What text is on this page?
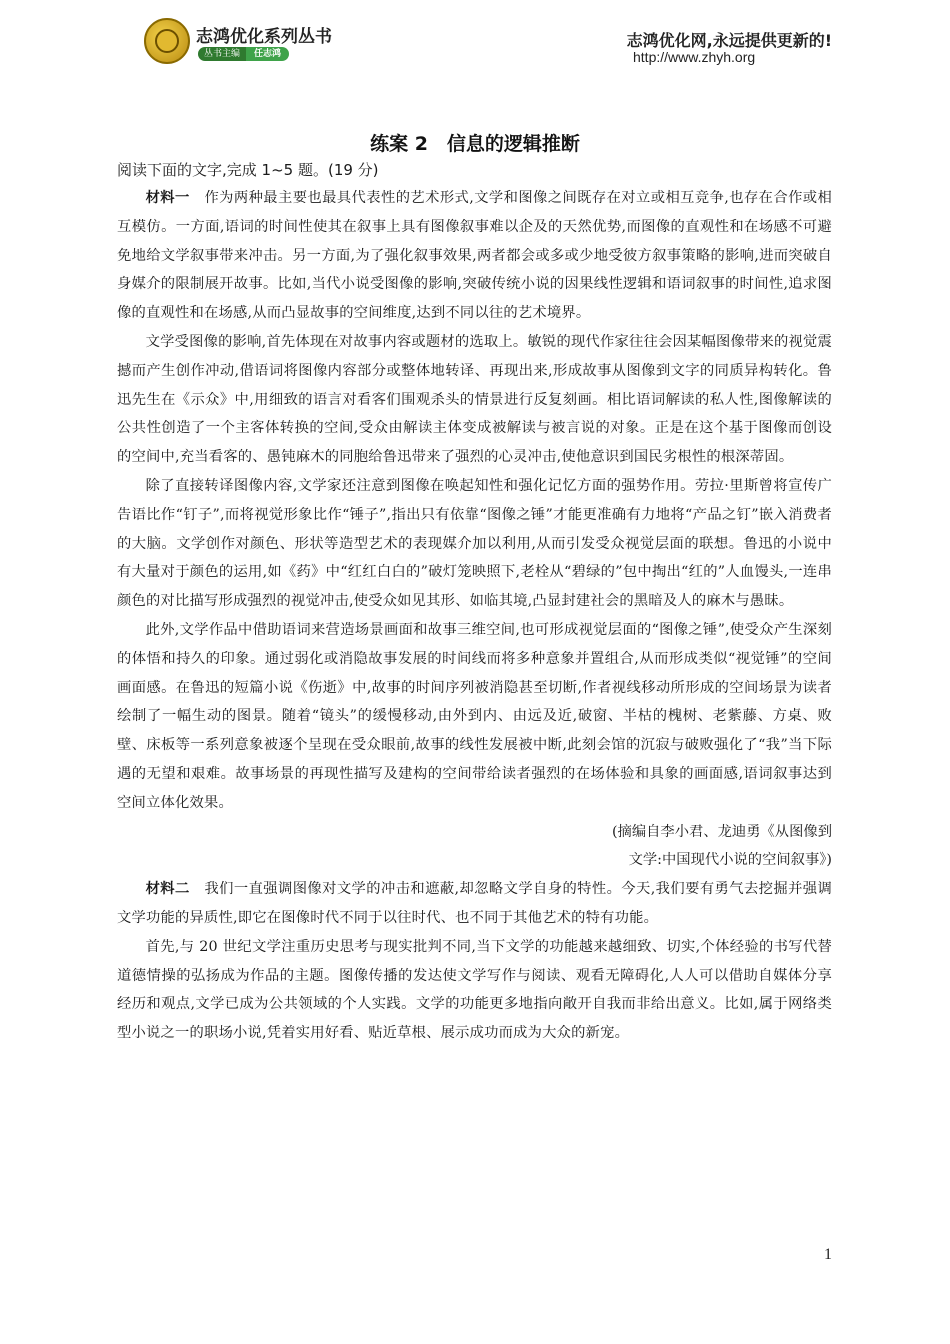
志鸿优化系列丛书
丛书主编	任志鸿
志鸿优化网,永远提供更新的!
http://www.zhyh.org
练案 2　信息的逻辑推断

阅读下面的文字,完成 1~5 题。(19 分)

材料一　 作为两种最主要也最具代表性的艺术形式,文学和图像之间既存在对立或相互竞争,也存在合作或相互模仿。一方面,语词的时间性使其在叙事上具有图像叙事难以企及的天然优势,而图像的直观性和在场感不可避免地给文学叙事带来冲击。另一方面,为了强化叙事效果,两者都会或多或少地受彼方叙事策略的影响,进而突破自身媒介的限制展开故事。比如,当代小说受图像的影响,突破传统小说的因果线性逻辑和语词叙事的时间性,追求图像的直观性和在场感,从而凸显故事的空间维度,达到不同以往的艺术境界。

文学受图像的影响,首先体现在对故事内容或题材的选取上。敏锐的现代作家往往会因某幅图像带来的视觉震撼而产生创作冲动,借语词将图像内容部分或整体地转译、再现出来,形成故事从图像到文字的同质异构转化。鲁迅先生在《示众》中,用细致的语言对看客们围观杀头的情景进行反复刻画。相比语词解读的私人性,图像解读的公共性创造了一个主客体转换的空间,受众由解读主体变成被解读与被言说的对象。正是在这个基于图像而创设的空间中,充当看客的、愚钝麻木的同胞给鲁迅带来了强烈的心灵冲击,使他意识到国民劣根性的根深蒂固。

除了直接转译图像内容,文学家还注意到图像在唤起知性和强化记忆方面的强势作用。劳拉·里斯曾将宣传广告语比作“钉子”,而将视觉形象比作“锤子”,指出只有依靠“图像之锤”才能更准确有力地将“产品之钉”嵌入消费者的大脑。文学创作对颜色、形状等造型艺术的表现媒介加以利用,从而引发受众视觉层面的联想。鲁迅的小说中有大量对于颜色的运用,如《药》中“红红白白的”破灯笼映照下,老栓从“碧绿的”包中掏出“红的”人血馒头,一连串颜色的对比描写形成强烈的视觉冲击,使受众如见其形、如临其境,凸显封建社会的黑暗及人的麻木与愚昧。

此外,文学作品中借助语词来营造场景画面和故事三维空间,也可形成视觉层面的“图像之锤”,使受众产生深刻的体悟和持久的印象。通过弱化或消隐故事发展的时间线而将多种意象并置组合,从而形成类似“视觉锤”的空间画面感。在鲁迅的短篇小说《伤逝》中,故事的时间序列被消隐甚至切断,作者视线移动所形成的空间场景为读者绘制了一幅生动的图景。随着“镜头”的缓慢移动,由外到内、由远及近,破窗、半枯的槐树、老紫藤、方桌、败壁、床板等一系列意象被逐个呈现在受众眼前,故事的线性发展被中断,此刻会馆的沉寂与破败强化了“我”当下际遇的无望和艰难。故事场景的再现性描写及建构的空间带给读者强烈的在场体验和具象的画面感,语词叙事达到空间立体化效果。

(摘编自李小君、龙迪勇《从图像到

文学:中国现代小说的空间叙事》)

材料二　 我们一直强调图像对文学的冲击和遮蔽,却忽略文学自身的特性。今天,我们要有勇气去挖掘并强调文学功能的异质性,即它在图像时代不同于以往时代、也不同于其他艺术的特有功能。

首先,与 20 世纪文学注重历史思考与现实批判不同,当下文学的功能越来越细致、切实,个体经验的书写代替道德情操的弘扬成为作品的主题。图像传播的发达使文学写作与阅读、观看无障碍化,人人可以借助自媒体分享经历和观点,文学已成为公共领域的个人实践。文学的功能更多地指向敞开自我而非给出意义。比如,属于网络类型小说之一的职场小说,凭着实用好看、贴近草根、展示成功而成为大众的新宠。

1
